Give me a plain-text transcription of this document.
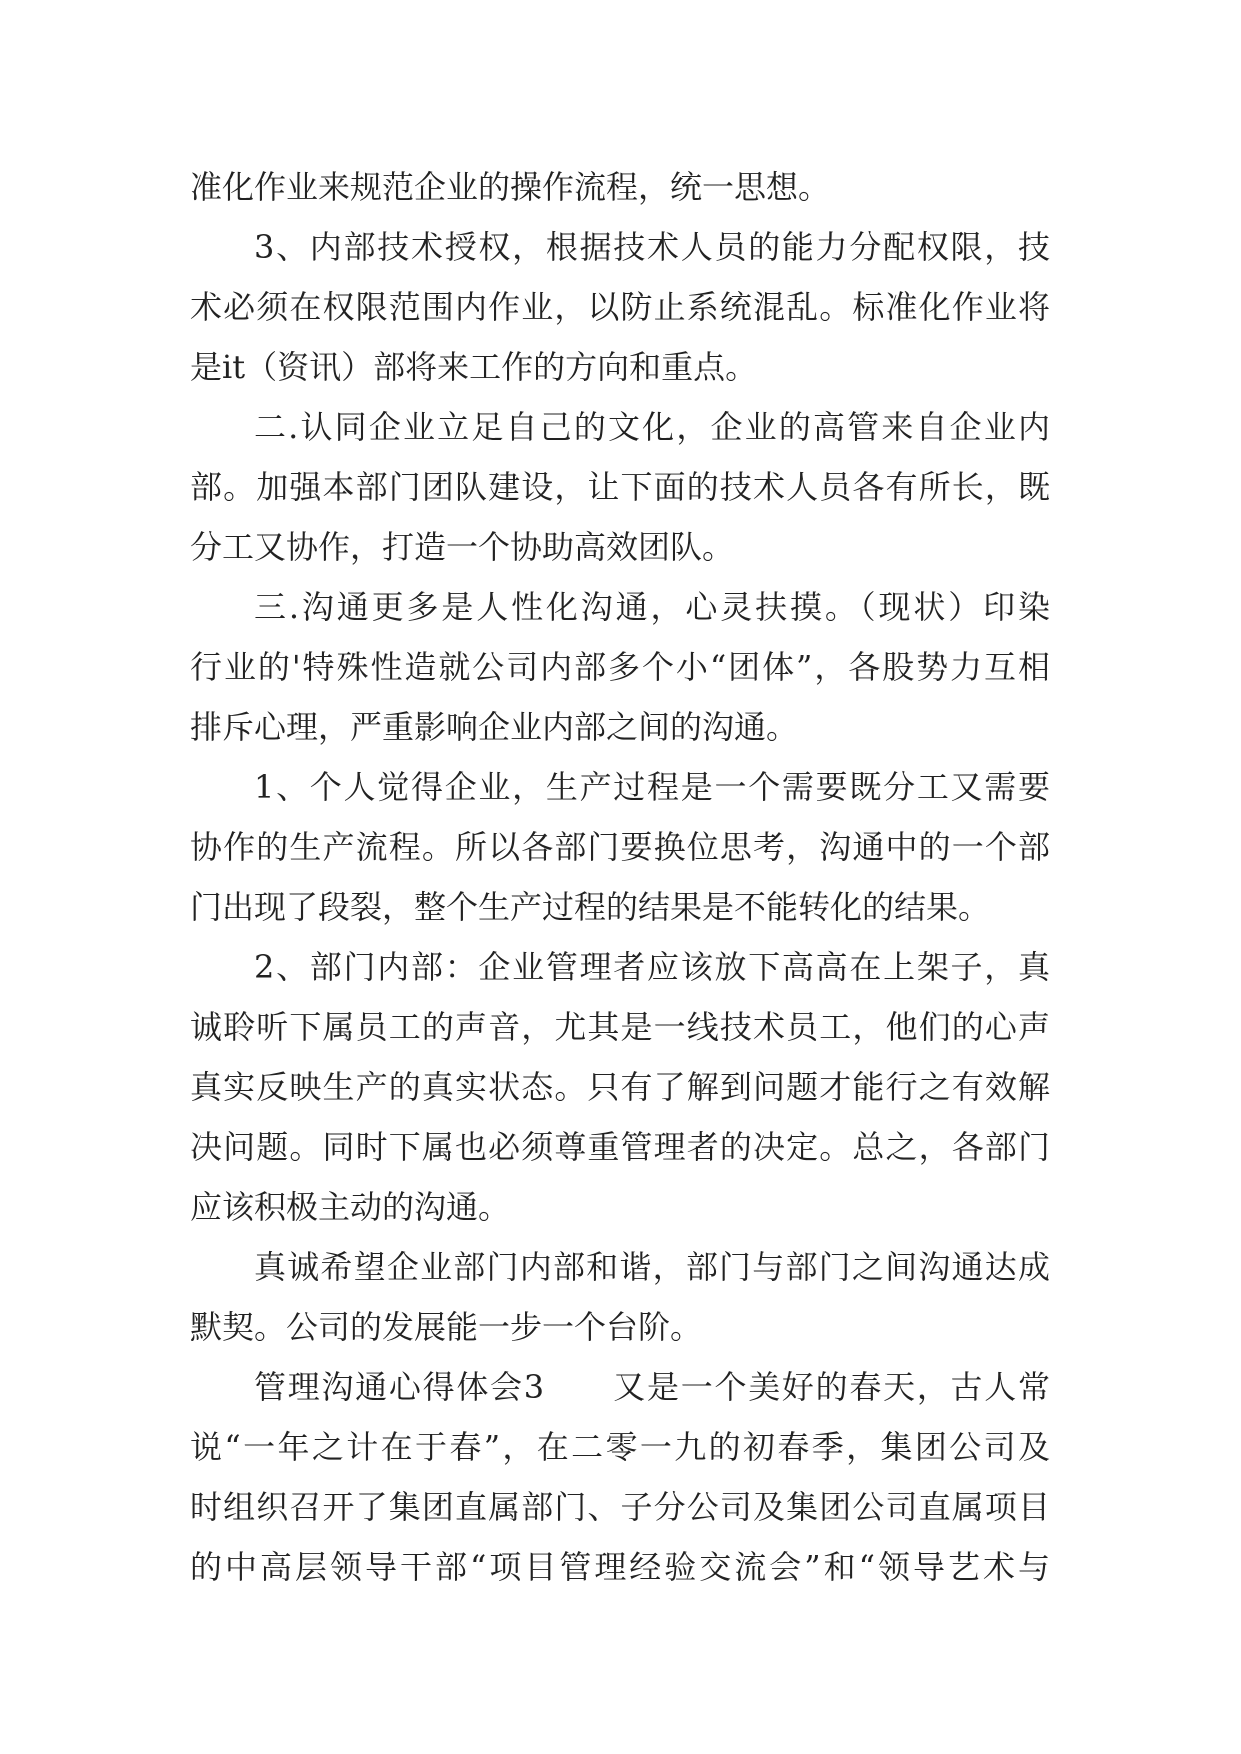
准化作业来规范企业的操作流程，统一思想。
3、内部技术授权，根据技术人员的能力分配权限，技
术必须在权限范围内作业，以防止系统混乱。标准化作业将
是it（资讯）部将来工作的方向和重点。
二.认同企业立足自己的文化，企业的高管来自企业内
部。加强本部门团队建设，让下面的技术人员各有所长，既
分工又协作，打造一个协助高效团队。
三.沟通更多是人性化沟通，心灵扶摸。（现状）印染
行业的'特殊性造就公司内部多个小“团体”，各股势力互相
排斥心理，严重影响企业内部之间的沟通。
1、个人觉得企业，生产过程是一个需要既分工又需要
协作的生产流程。所以各部门要换位思考，沟通中的一个部
门出现了段裂，整个生产过程的结果是不能转化的结果。
2、部门内部：企业管理者应该放下高高在上架子，真
诚聆听下属员工的声音，尤其是一线技术员工，他们的心声
真实反映生产的真实状态。只有了解到问题才能行之有效解
决问题。同时下属也必须尊重管理者的决定。总之，各部门
应该积极主动的沟通。
真诚希望企业部门内部和谐，部门与部门之间沟通达成
默契。公司的发展能一步一个台阶。
管理沟通心得体会3　　又是一个美好的春天，古人常
说“一年之计在于春”，在二零一九的初春季，集团公司及
时组织召开了集团直属部门、子分公司及集团公司直属项目
的中高层领导干部“项目管理经验交流会”和“领导艺术与
